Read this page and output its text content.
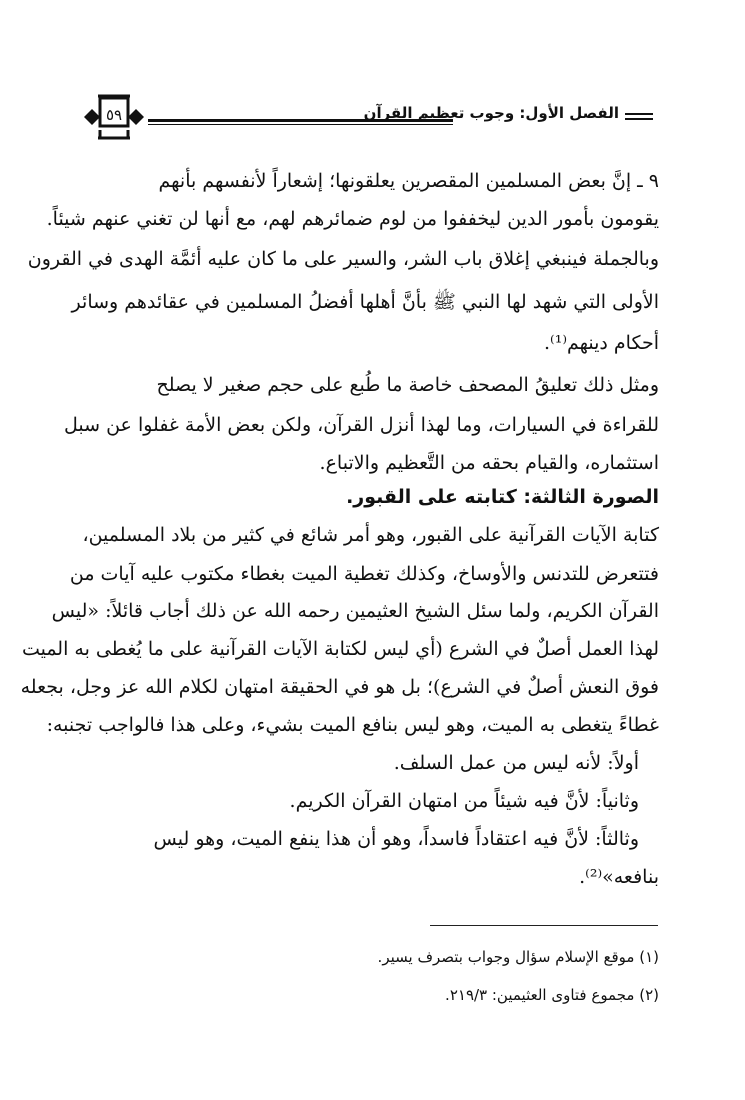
٥٩	الفصل الأول: وجوب تعظيم القرآن
٩ ـ إنَّ بعض المسلمين المقصرين يعلقونها؛ إشعاراً لأنفسهم بأنهم
يقومون بأمور الدين ليخففوا من لوم ضمائرهم لهم، مع أنها لن تغني عنهم شيئاً.
وبالجملة فينبغي إغلاق باب الشر، والسير على ما كان عليه أئمَّة الهدى في القرون
الأولى التي شهد لها النبي ﷺ بأنَّ أهلها أفضلُ المسلمين في عقائدهم وسائر
أحكام دينهم⁽¹⁾.
ومثل ذلك تعليقُ المصحف خاصة ما طُبع على حجم صغير لا يصلح
للقراءة في السيارات، وما لهذا أنزل القرآن، ولكن بعض الأمة غفلوا عن سبل
استثماره، والقيام بحقه من التَّعظيم والاتباع.
الصورة الثالثة: كتابته على القبور.
كتابة الآيات القرآنية على القبور، وهو أمر شائع في كثير من بلاد المسلمين،
فتتعرض للتدنس والأوساخ، وكذلك تغطية الميت بغطاء مكتوب عليه آيات من
القرآن الكريم، ولما سئل الشيخ العثيمين رحمه الله عن ذلك أجاب قائلاً: «ليس
لهذا العمل أصلٌ في الشرع (أي ليس لكتابة الآيات القرآنية على ما يُغطى به الميت
فوق النعش أصلٌ في الشرع)؛ بل هو في الحقيقة امتهان لكلام الله عز وجل، بجعله
غطاءً يتغطى به الميت، وهو ليس بنافع الميت بشيء، وعلى هذا فالواجب تجنبه:
أولاً: لأنه ليس من عمل السلف.
وثانياً: لأنَّ فيه شيئاً من امتهان القرآن الكريم.
وثالثاً: لأنَّ فيه اعتقاداً فاسداً، وهو أن هذا ينفع الميت، وهو ليس
بنافعه»⁽²⁾.
(١) موقع الإسلام سؤال وجواب بتصرف يسير.
(٢) مجموع فتاوى العثيمين: ٢١٩/٣.
